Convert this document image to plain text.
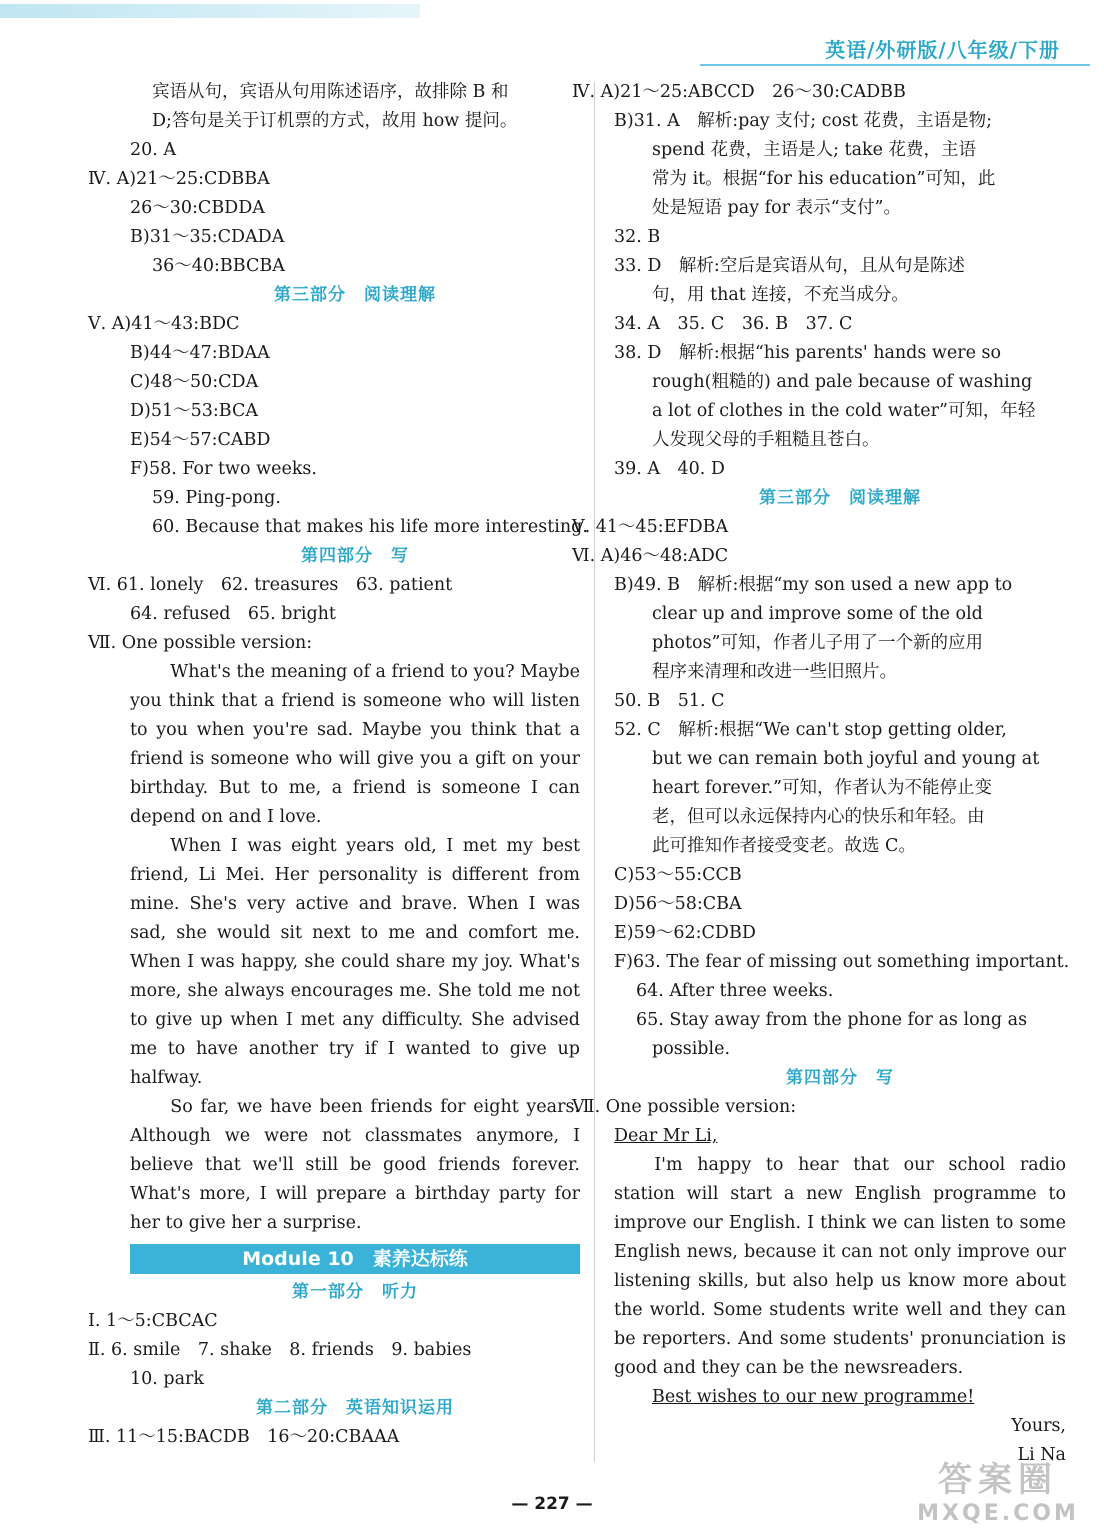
英语/外研版/八年级/下册
宾语从句，宾语从句用陈述语序，故排除 B 和
D;答句是关于订机票的方式，故用 how 提问。
20. A
Ⅳ. A)21～25:CDBBA
26～30:CBDDA
B)31～35:CDADA
36～40:BBCBA
第三部分　阅读理解
Ⅴ. A)41～43:BDC
B)44～47:BDAA
C)48～50:CDA
D)51～53:BCA
E)54～57:CABD
F)58. For two weeks.
59. Ping-pong.
60. Because that makes his life more interesting.
第四部分　写
Ⅵ. 61. lonely　62. treasures　63. patient
64. refused　65. bright
Ⅶ. One possible version:
What's the meaning of a friend to you? Maybe you think that a friend is someone who will listen to you when you're sad. Maybe you think that a friend is someone who will give you a gift on your birthday. But to me, a friend is someone I can depend on and I love.
When I was eight years old, I met my best friend, Li Mei. Her personality is different from mine. She's very active and brave. When I was sad, she would sit next to me and comfort me. When I was happy, she could share my joy. What's more, she always encourages me. She told me not to give up when I met any difficulty. She advised me to have another try if I wanted to give up halfway.
So far, we have been friends for eight years. Although we were not classmates anymore, I believe that we'll still be good friends forever. What's more, I will prepare a birthday party for her to give her a surprise.
Module 10　素养达标练
第一部分　听力
Ⅰ. 1～5:CBCAC
Ⅱ. 6. smile　7. shake　8. friends　9. babies
10. park
第二部分　英语知识运用
Ⅲ. 11～15:BACDB　16～20:CBAAA
Ⅳ. A)21～25:ABCCD　26～30:CADBB
B)31. A　解析:pay 支付; cost 花费，主语是物;
spend 花费，主语是人; take 花费，主语
常为 it。根据“for his education”可知，此
处是短语 pay for 表示“支付”。
32. B
33. D　解析:空后是宾语从句，且从句是陈述
句，用 that 连接，不充当成分。
34. A　35. C　36. B　37. C
38. D　解析:根据“his parents' hands were so
rough(粗糙的) and pale because of washing
a lot of clothes in the cold water”可知，年轻
人发现父母的手粗糙且苍白。
39. A　40. D
第三部分　阅读理解
Ⅴ. 41～45:EFDBA
Ⅵ. A)46～48:ADC
B)49. B　解析:根据“my son used a new app to
clear up and improve some of the old
photos”可知，作者儿子用了一个新的应用
程序来清理和改进一些旧照片。
50. B　51. C
52. C　解析:根据“We can't stop getting older,
but we can remain both joyful and young at
heart forever.”可知，作者认为不能停止变
老，但可以永远保持内心的快乐和年轻。由
此可推知作者接受变老。故选 C。
C)53～55:CCB
D)56～58:CBA
E)59～62:CDBD
F)63. The fear of missing out something important.
64. After three weeks.
65. Stay away from the phone for as long as
possible.
第四部分　写
Ⅶ. One possible version:
Dear Mr Li,

I'm happy to hear that our school radio station will start a new English programme to improve our English. I think we can listen to some English news, because it can not only improve our listening skills, but also help us know more about the world. Some students write well and they can be reporters. And some students' pronunciation is good and they can be the newsreaders.
Best wishes to our new programme!

Yours,
Li Na
— 227 —
答案圈
MXQE.COM
